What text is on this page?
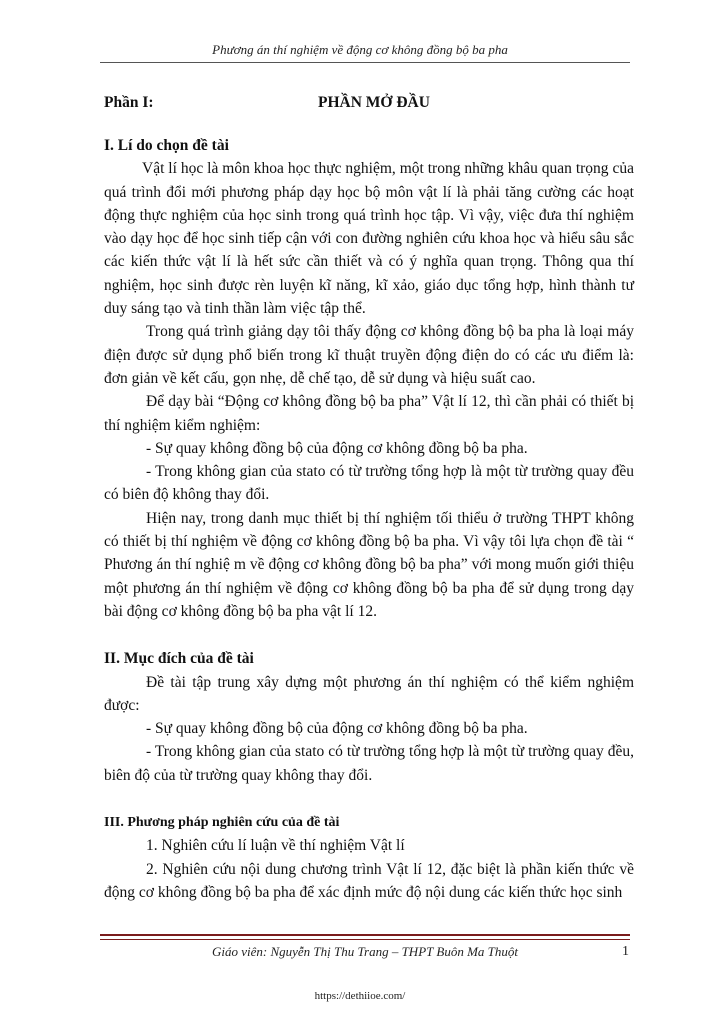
Phương án thí nghiệm về động cơ không đồng bộ ba pha
Phần I:	PHẦN MỞ ĐẦU

I. Lí do chọn đề tài

Vật lí học là môn khoa học thực nghiệm, một trong những khâu quan trọng của quá trình đổi mới phương pháp dạy học bộ môn vật lí là phải tăng cường các hoạt động thực nghiệm của học sinh trong quá trình học tập. Vì vậy, việc đưa thí nghiệm vào dạy học để học sinh tiếp cận với con đường nghiên cứu khoa học và hiểu sâu sắc các kiến thức vật lí là hết sức cần thiết và có ý nghĩa quan trọng. Thông qua thí nghiệm, học sinh được rèn luyện kĩ năng, kĩ xảo, giáo dục tổng hợp, hình thành tư duy sáng tạo và tinh thần làm việc tập thể.

Trong quá trình giảng dạy tôi thấy động cơ không đồng bộ ba pha là loại máy điện được sử dụng phổ biến trong kĩ thuật truyền động điện do có các ưu điểm là: đơn giản về kết cấu, gọn nhẹ, dễ chế tạo, dễ sử dụng và hiệu suất cao.

Để dạy bài “Động cơ không đồng bộ ba pha” Vật lí 12, thì cần phải có thiết bị thí nghiệm kiểm nghiệm:

- Sự quay không đồng bộ của động cơ không đồng bộ ba pha.

- Trong không gian của stato có từ trường tổng hợp là một từ trường quay đều có biên độ không thay đổi.

Hiện nay, trong danh mục thiết bị thí nghiệm tối thiểu ở trường THPT không có thiết bị thí nghiệm về động cơ không đồng bộ ba pha. Vì vậy tôi lựa chọn đề tài “ Phương án thí nghiệ m về động cơ không đồng bộ ba pha” với mong muốn giới thiệu một phương án thí nghiệm về động cơ không đồng bộ ba pha để sử dụng trong dạy bài động cơ không đồng bộ ba pha vật lí 12.

II. Mục đích của đề tài

Đề tài tập trung xây dựng một phương án thí nghiệm có thể kiểm nghiệm được:

- Sự quay không đồng bộ của động cơ không đồng bộ ba pha.

- Trong không gian của stato có từ trường tổng hợp là một từ trường quay đều, biên độ của từ trường quay không thay đổi.

III. Phương pháp nghiên cứu của đề tài

1. Nghiên cứu lí luận về thí nghiệm Vật lí

2. Nghiên cứu nội dung chương trình Vật lí 12, đặc biệt là phần kiến thức về động cơ không đồng bộ ba pha để xác định mức độ nội dung các kiến thức học sinh

Giáo viên: Nguyễn Thị Thu Trang – THPT Buôn Ma Thuột	1
https://dethiioe.com/
